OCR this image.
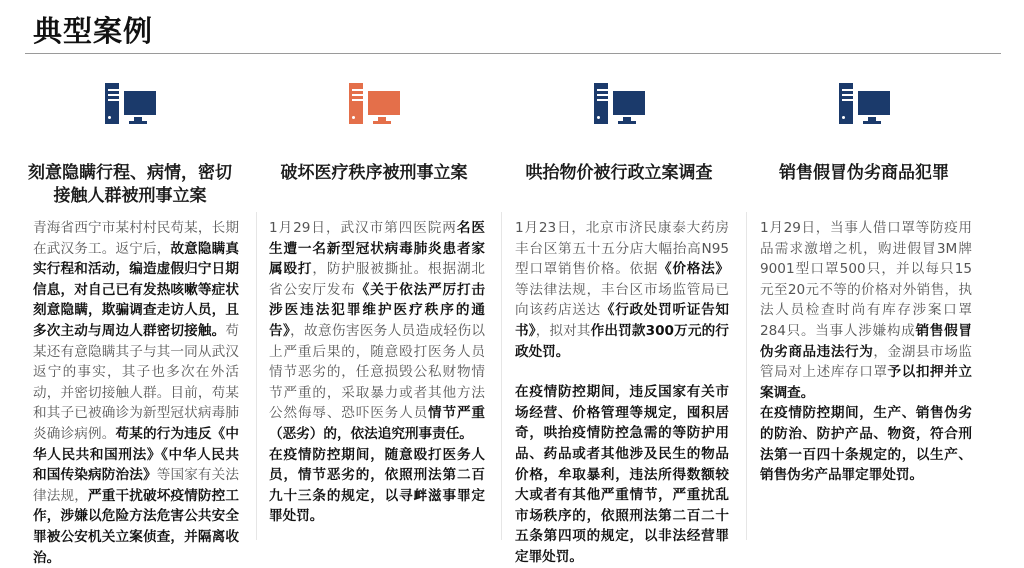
典型案例
刻意隐瞒行程、病情，密切接触人群被刑事立案
破坏医疗秩序被刑事立案	哄抬物价被行政立案调查	销售假冒伪劣商品犯罪

青海省西宁市某村村民苟某，长期在武汉务工。返宁后，故意隐瞒真实行程和活动，编造虚假归宁日期信息，对自己已有发热咳嗽等症状刻意隐瞒，欺骗调查走访人员，且多次主动与周边人群密切接触。苟某还有意隐瞒其子与其一同从武汉返宁的事实，其子也多次在外活动，并密切接触人群。目前，苟某和其子已被确诊为新型冠状病毒肺炎确诊病例。苟某的行为违反《中华人民共和国刑法》《中华人民共和国传染病防治法》等国家有关法律法规，严重干扰破坏疫情防控工作，涉嫌以危险方法危害公共安全罪被公安机关立案侦查，并隔离收治。

1月29日，武汉市第四医院两名医生遭一名新型冠状病毒肺炎患者家属殴打，防护服被撕扯。根据湖北省公安厅发布《关于依法严厉打击涉医违法犯罪维护医疗秩序的通告》，故意伤害医务人员造成轻伤以上严重后果的，随意殴打医务人员情节恶劣的，任意损毁公私财物情节严重的，采取暴力或者其他方法公然侮辱、恐吓医务人员情节严重（恶劣）的，依法追究刑事责任。

在疫情防控期间，随意殴打医务人员，情节恶劣的，依照刑法第二百九十三条的规定，以寻衅滋事罪定罪处罚。

1月23日，北京市济民康泰大药房丰台区第五十五分店大幅抬高N95型口罩销售价格。依据《价格法》等法律法规，丰台区市场监管局已向该药店送达《行政处罚听证告知书》，拟对其作出罚款300万元的行政处罚。

在疫情防控期间，违反国家有关市场经营、价格管理等规定，囤积居奇，哄抬疫情防控急需的等防护用品、药品或者其他涉及民生的物品价格，牟取暴利，违法所得数额较大或者有其他严重情节，严重扰乱市场秩序的，依照刑法第二百二十五条第四项的规定，以非法经营罪定罪处罚。

1月29日，当事人借口罩等防疫用品需求激增之机，购进假冒3M牌9001型口罩500只，并以每只15元至20元不等的价格对外销售，执法人员检查时尚有库存涉案口罩284只。当事人涉嫌构成销售假冒伪劣商品违法行为，金湖县市场监管局对上述库存口罩予以扣押并立案调查。

在疫情防控期间，生产、销售伪劣的防治、防护产品、物资，符合刑法第一百四十条规定的，以生产、销售伪劣产品罪定罪处罚。
